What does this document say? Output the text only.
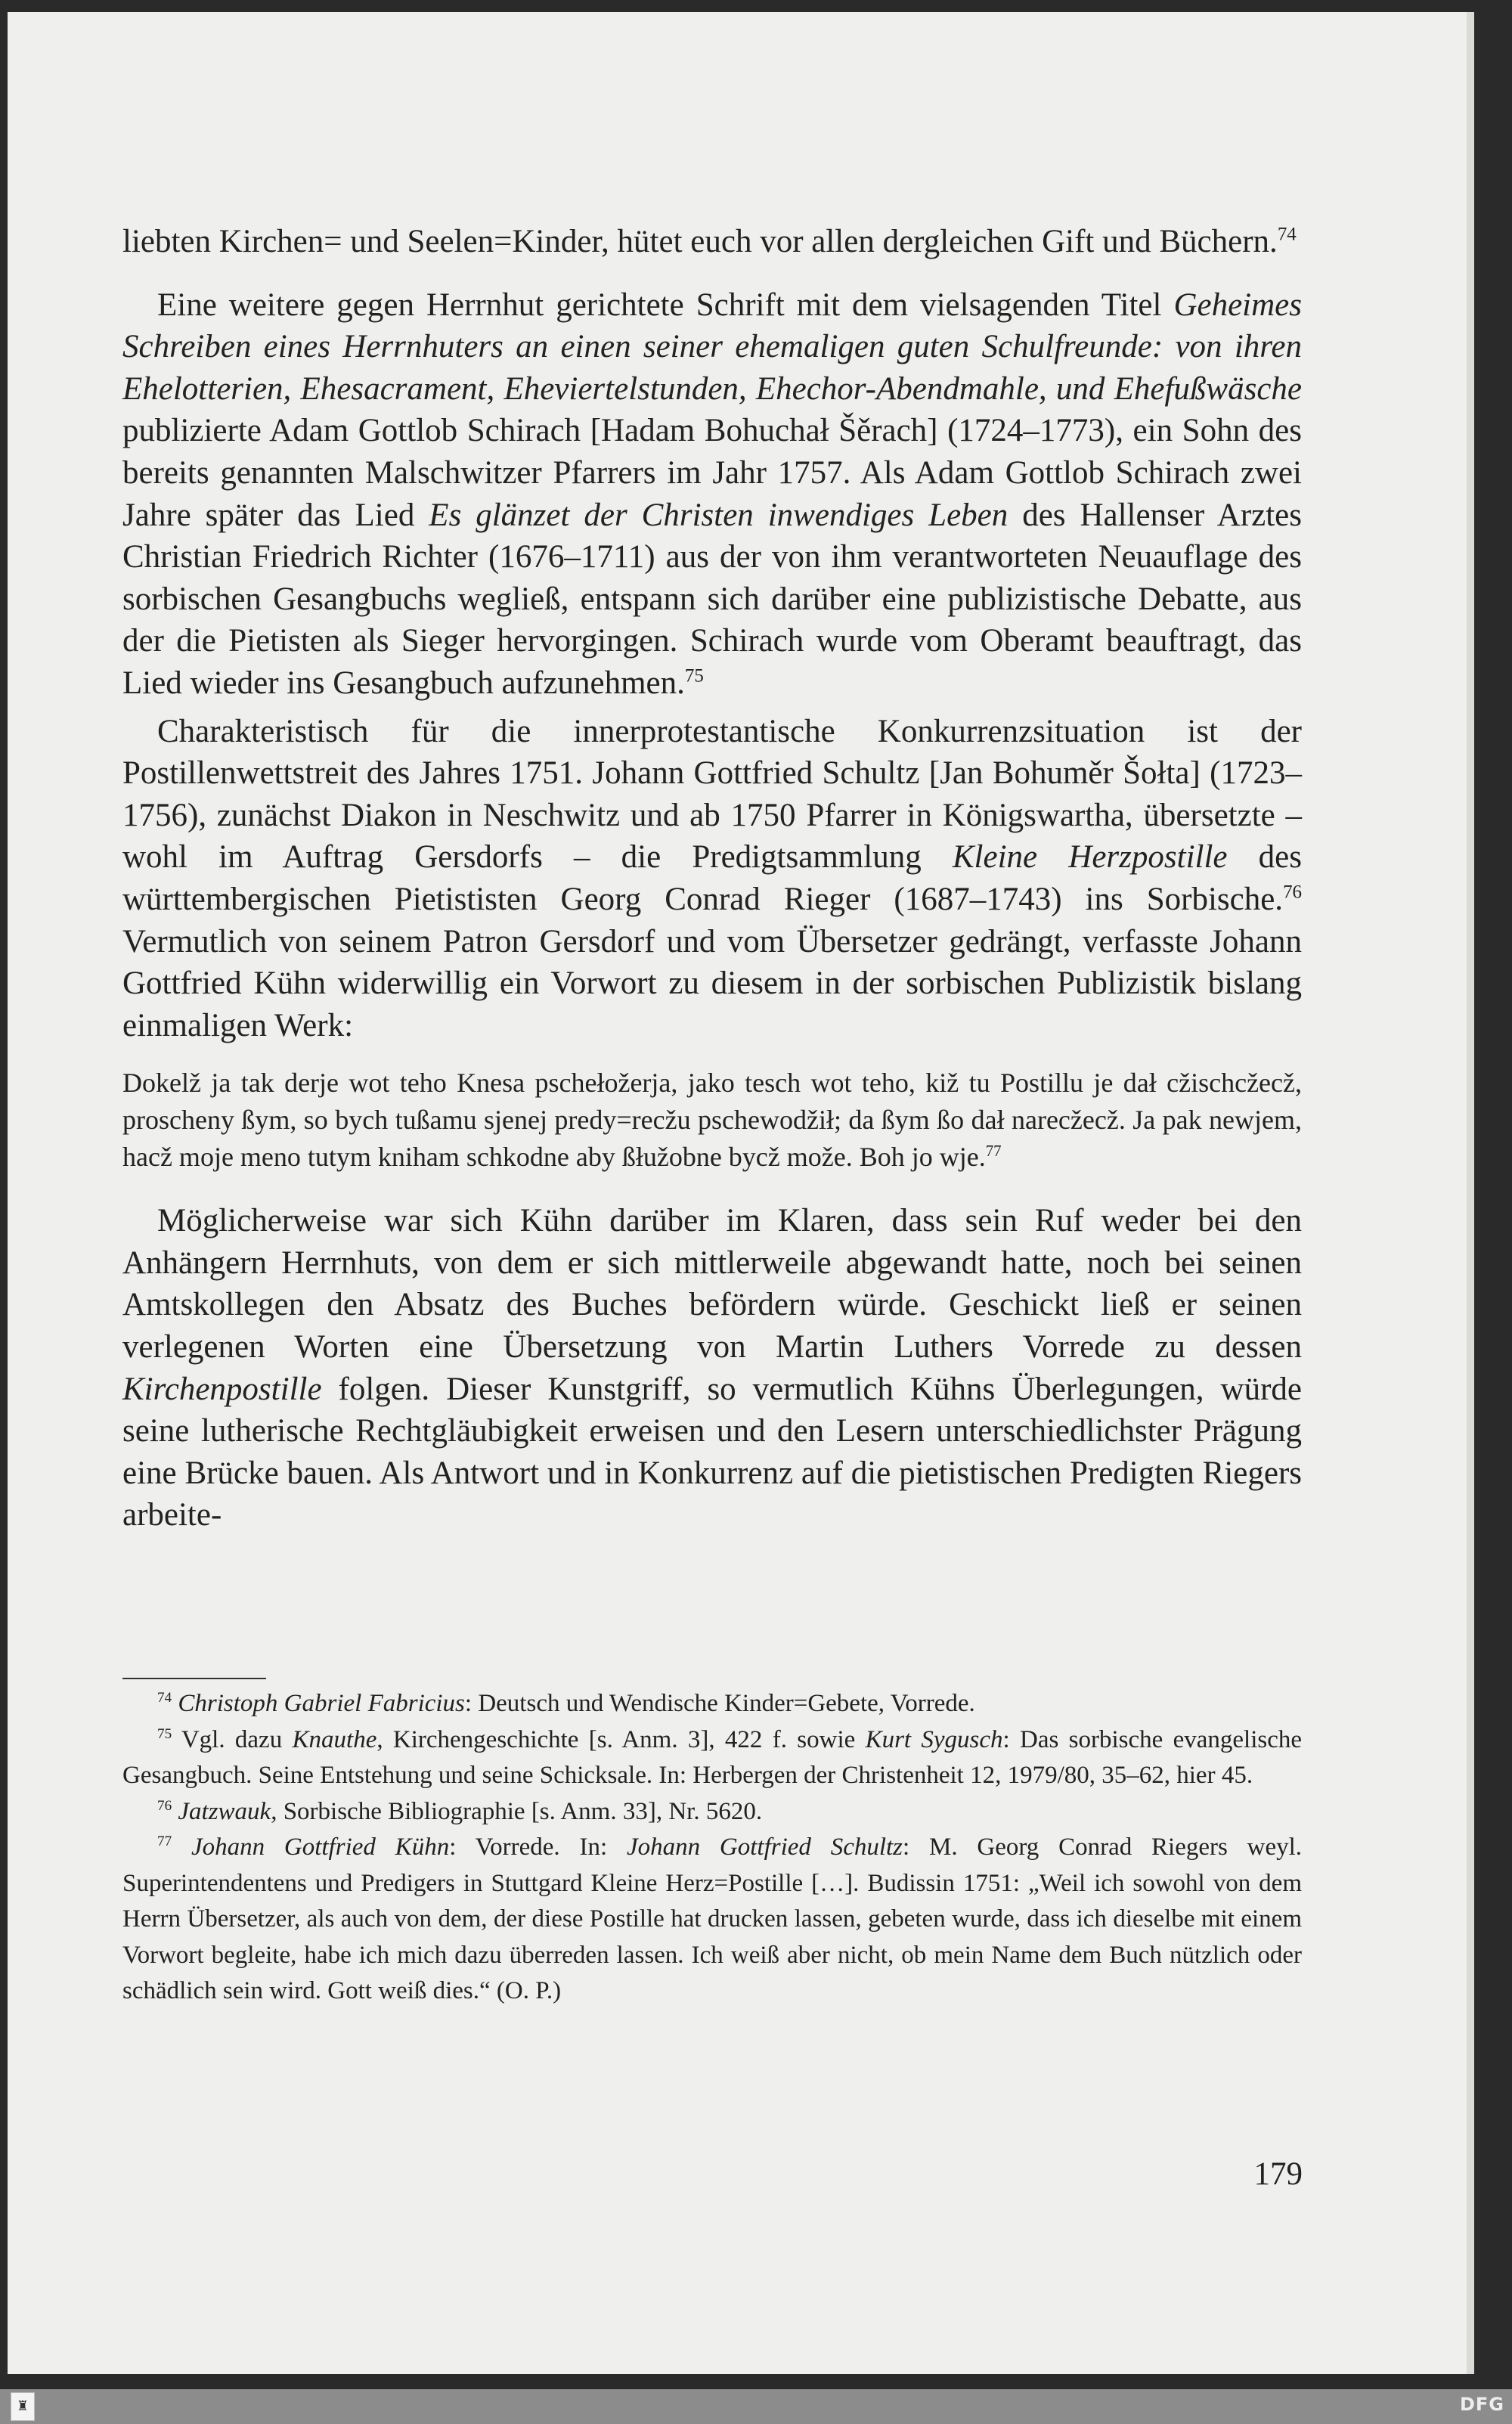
liebten Kirchen= und Seelen=Kinder, hütet euch vor allen dergleichen Gift und Büchern.$^{74}$

Eine weitere gegen Herrnhut gerichtete Schrift mit dem vielsagenden Titel Geheimes Schreiben eines Herrnhuters an einen seiner ehemaligen guten Schulfreunde: von ihren Ehelotterien, Ehesacrament, Eheviertelstunden, Ehechor-Abendmahle, und Ehefußwäsche publizierte Adam Gottlob Schirach [Hadam Bohuchał Šěrach] (1724–1773), ein Sohn des bereits genannten Malschwitzer Pfarrers im Jahr 1757. Als Adam Gottlob Schirach zwei Jahre später das Lied Es glänzet der Christen inwendiges Leben des Hallenser Arztes Christian Friedrich Richter (1676–1711) aus der von ihm verantworteten Neuauflage des sorbischen Gesangbuchs wegließ, entspann sich darüber eine publizistische Debatte, aus der die Pietisten als Sieger hervorgingen. Schirach wurde vom Oberamt beauftragt, das Lied wieder ins Gesangbuch aufzunehmen.$^{75}$

Charakteristisch für die innerprotestantische Konkurrenzsituation ist der Postillenwettstreit des Jahres 1751. Johann Gottfried Schultz [Jan Bohuměr Šołta] (1723–1756), zunächst Diakon in Neschwitz und ab 1750 Pfarrer in Königswartha, übersetzte – wohl im Auftrag Gersdorfs – die Predigtsammlung Kleine Herzpostille des württembergischen Pietististen Georg Conrad Rieger (1687–1743) ins Sorbische.$^{76}$ Vermutlich von seinem Patron Gersdorf und vom Übersetzer gedrängt, verfasste Johann Gottfried Kühn widerwillig ein Vorwort zu diesem in der sorbischen Publizistik bislang einmaligen Werk:

Dokelž ja tak derje wot teho Knesa pschełožerja, jako tesch wot teho, kiž tu Postillu je dał cžischcžecž, proscheny ßym, so bych tußamu sjenej predy=recžu pschewodžił; da ßym ßo dał narecžecž. Ja pak newjem, hacž moje meno tutym kniham schkodne aby ßłužobne bycž može. Boh jo wje.$^{77}$

Möglicherweise war sich Kühn darüber im Klaren, dass sein Ruf weder bei den Anhängern Herrnhuts, von dem er sich mittlerweile abgewandt hatte, noch bei seinen Amtskollegen den Absatz des Buches befördern würde. Geschickt ließ er seinen verlegenen Worten eine Übersetzung von Martin Luthers Vorrede zu dessen Kirchenpostille folgen. Dieser Kunstgriff, so vermutlich Kühns Überlegungen, würde seine lutherische Rechtgläubigkeit erweisen und den Lesern unterschiedlichster Prägung eine Brücke bauen. Als Antwort und in Konkurrenz auf die pietistischen Predigten Riegers arbeite-

$^{74}$ Christoph Gabriel Fabricius: Deutsch und Wendische Kinder=Gebete, Vorrede.

$^{75}$ Vgl. dazu Knauthe, Kirchengeschichte [s. Anm. 3], 422 f. sowie Kurt Sygusch: Das sorbische evangelische Gesangbuch. Seine Entstehung und seine Schicksale. In: Herbergen der Christenheit 12, 1979/80, 35–62, hier 45.

$^{76}$ Jatzwauk, Sorbische Bibliographie [s. Anm. 33], Nr. 5620.

$^{77}$ Johann Gottfried Kühn: Vorrede. In: Johann Gottfried Schultz: M. Georg Conrad Riegers weyl. Superintendentens und Predigers in Stuttgard Kleine Herz=Postille […]. Budissin 1751: „Weil ich sowohl von dem Herrn Übersetzer, als auch von dem, der diese Postille hat drucken lassen, gebeten wurde, dass ich dieselbe mit einem Vorwort begleite, habe ich mich dazu überreden lassen. Ich weiß aber nicht, ob mein Name dem Buch nützlich oder schädlich sein wird. Gott weiß dies.“ (O. P.)

179
♜	DFG
